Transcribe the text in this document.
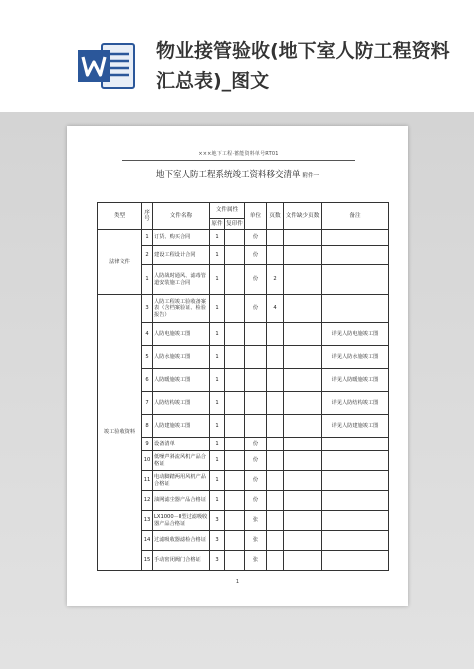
物业接管验收(地下室人防工程资料汇总表)_图文
×××地下工程·蓄能资料单号RT01
地下室人防工程系统竣工资料移交清单 附件一
类型	序号	文件名称	文件属性		单位	页数	文件缺少页数	备注
			原件	复印件				
法律文件	1	订货、购买合同	1		份			
	2	建设工程设计合同	1		份			
	1	人防战时通风、滤毒管道安装施工合同	1		份	2		
竣工验收资料	3	人防工程竣工验收备案表（含档案验证、检验报告）	1		份	4		
	4	人防电施竣工图	1					详见人防电施竣工图
	5	人防水施竣工图	1					详见人防水施竣工图
	6	人防暖施竣工图	1					详见人防暖施竣工图
	7	人防结构竣工图	1					详见人防结构竣工图
	8	人防建施竣工图	1					详见人防建施竣工图
	9	设备清单	1		份			
	10	低噪声斜流风机产品合格证	1		份			
	11	电动脚踏两用风机产品合格证	1		份			
	12	油网滤尘器产品合格证	1		份			
	13	LX1000－Ⅱ型过滤吸收器产品合格证	3		张			
	14	过滤吸收器滤检合格证	3		张			
	15	手动密闭阀门合格证	3		张			
1
